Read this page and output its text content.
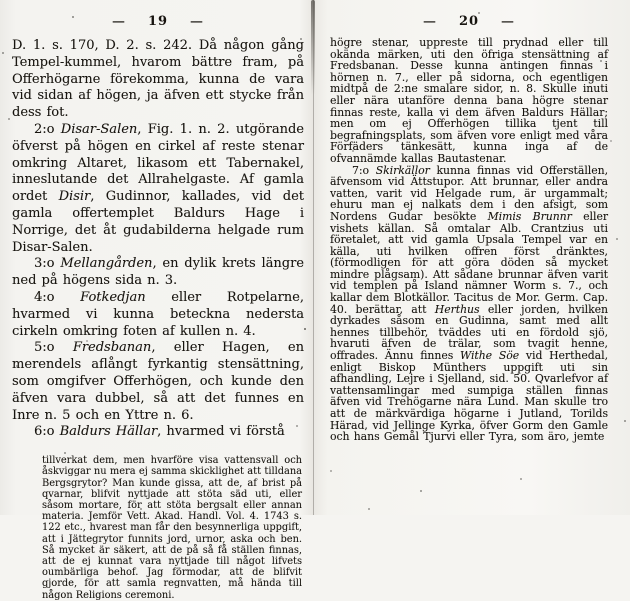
— 19 —

D. 1. s. 170, D. 2. s. 242. Då någon gång Tempel-kummel, hvarom bättre fram, på Offerhögarne förekomma, kunna de vara vid sidan af högen, ja äfven ett stycke från dess fot.

2:o Disar-Salen, Fig. 1. n. 2. utgörande öfverst på högen en cirkel af reste stenar omkring Altaret, likasom ett Tabernakel, inneslutande det Allrahelgaste. Af gamla ordet Disir, Gudinnor, kallades, vid det gamla offertemplet Baldurs Hage i Norrige, det åt gudabilderna helgade rum Disar-Salen.

3:o Mellangården, en dylik krets längre ned på högens sida n. 3.

4:o Fotkedjan eller Rotpelarne, hvarmed vi kunna beteckna nedersta cirkeln omkring foten af kullen n. 4.

5:o Fredsbanan, eller Hagen, en merendels aflångt fyrkantig stensättning, som omgifver Offerhögen, och kunde den äfven vara dubbel, så att det funnes en Inre n. 5 och en Yttre n. 6.

6:o Baldurs Hällar, hvarmed vi förstå

tillverkat dem, men hvarföre visa vattensvall och åskviggar nu mera ej samma skicklighet att tilldana Bergsgrytor? Man kunde gissa, att de, af brist på qvarnar, blifvit nyttjade att stöta säd uti, eller såsom mortare, för att stöta bergsalt eller annan materia. Jemför Vett. Akad. Handl. Vol. 4. 1743 s. 122 etc., hvarest man får den besynnerliga uppgift, att i Jättegrytor funnits jord, urnor, aska och ben. Så mycket är säkert, att de på så få ställen finnas, att de ej kunnat vara nyttjade till något lifvets oumbärliga behof. Jag förmodar, att de blifvit gjorde, för att samla regnvatten, må hända till någon Religions ceremoni.
— 20 —

högre stenar, uppreste till prydnad eller till okända märken, uti den öfriga stensättning af Fredsbanan. Desse kunna antingen finnas i hörnen n. 7., eller på sidorna, och egentligen midtpå de 2:ne smalare sidor, n. 8. Skulle inuti eller nära utanföre denna bana högre stenar finnas reste, kalla vi dem äfven Baldurs Hällar; men om ej Offerhögen tillika tjent till begrafningsplats, som äfven vore enligt med våra Förfäders tänkesätt, kunna inga af de ofvannämde kallas Bautastenar.

7:o Skirkällor kunna finnas vid Offerställen, äfvensom vid Ättstupor. Att brunnar, eller andra vatten, varit vid Helgade rum, är urgammalt; ehuru man ej nalkats dem i den afsigt, som Nordens Gudar besökte Mimis Brunnr eller vishets källan. Så omtalar Alb. Crantzius uti företalet, att vid gamla Upsala Tempel var en källa, uti hvilken offren först dränktes, (förmodligen för att göra döden så mycket mindre plågsam). Att sådane brunnar äfven varit vid templen på Island nämner Worm s. 7., och kallar dem Blotkällor. Tacitus de Mor. Germ. Cap. 40. berättar, att Herthus eller jorden, hvilken dyrkades såsom en Gudinna, samt med allt hennes tillbehör, tväddes uti en fördold sjö, hvaruti äfven de trälar, som tvagit henne, offrades. Ännu finnes Withe Söe vid Herthedal, enligt Biskop Münthers uppgift uti sin afhandling, Lejre i Sjelland, sid. 50. Qvarlefvor af vattensamlingar med sumpiga ställen finnas äfven vid Trehögarne nära Lund. Man skulle tro att de märkvärdiga högarne i Jutland, Torilds Härad, vid Jellinge Kyrka, öfver Gorm den Gamle och hans Gemål Tjurvi eller Tyra, som äro, jemte
